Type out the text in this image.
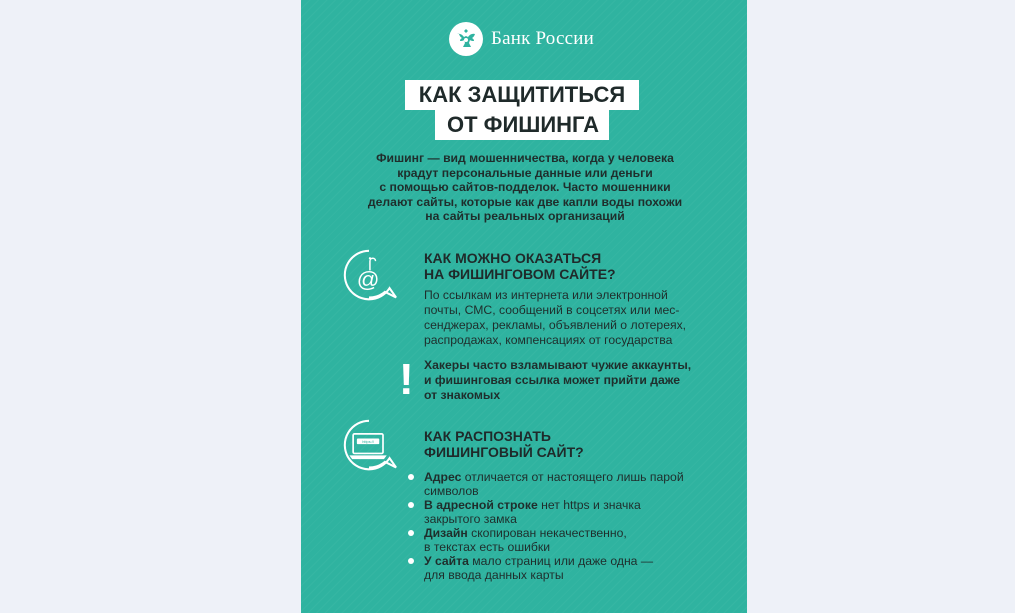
Банк России
КАК ЗАЩИТИТЬСЯ
ОТ ФИШИНГА
Фишинг — вид мошенничества, когда у человека
крадут персональные данные или деньги
с помощью сайтов-подделок. Часто мошенники
делают сайты, которые как две капли воды похожи
на сайты реальных организаций
@
КАК МОЖНО ОКАЗАТЬСЯ
НА ФИШИНГОВОМ САЙТЕ?
По ссылкам из интернета или электронной
почты, СМС, сообщений в соцсетях или мес-
сенджерах, рекламы, объявлений о лотереях,
распродажах, компенсациях от государства
! Хакеры часто взламывают чужие аккаунты,
и фишинговая ссылка может прийти даже
от знакомых
https://	КАК РАСПОЗНАТЬ
ФИШИНГОВЫЙ САЙТ?
Адрес отличается от настоящего лишь парой
символов
В адресной строке нет https и значка
закрытого замка
Дизайн скопирован некачественно,
в текстах есть ошибки
У сайта мало страниц или даже одна —
для ввода данных карты
